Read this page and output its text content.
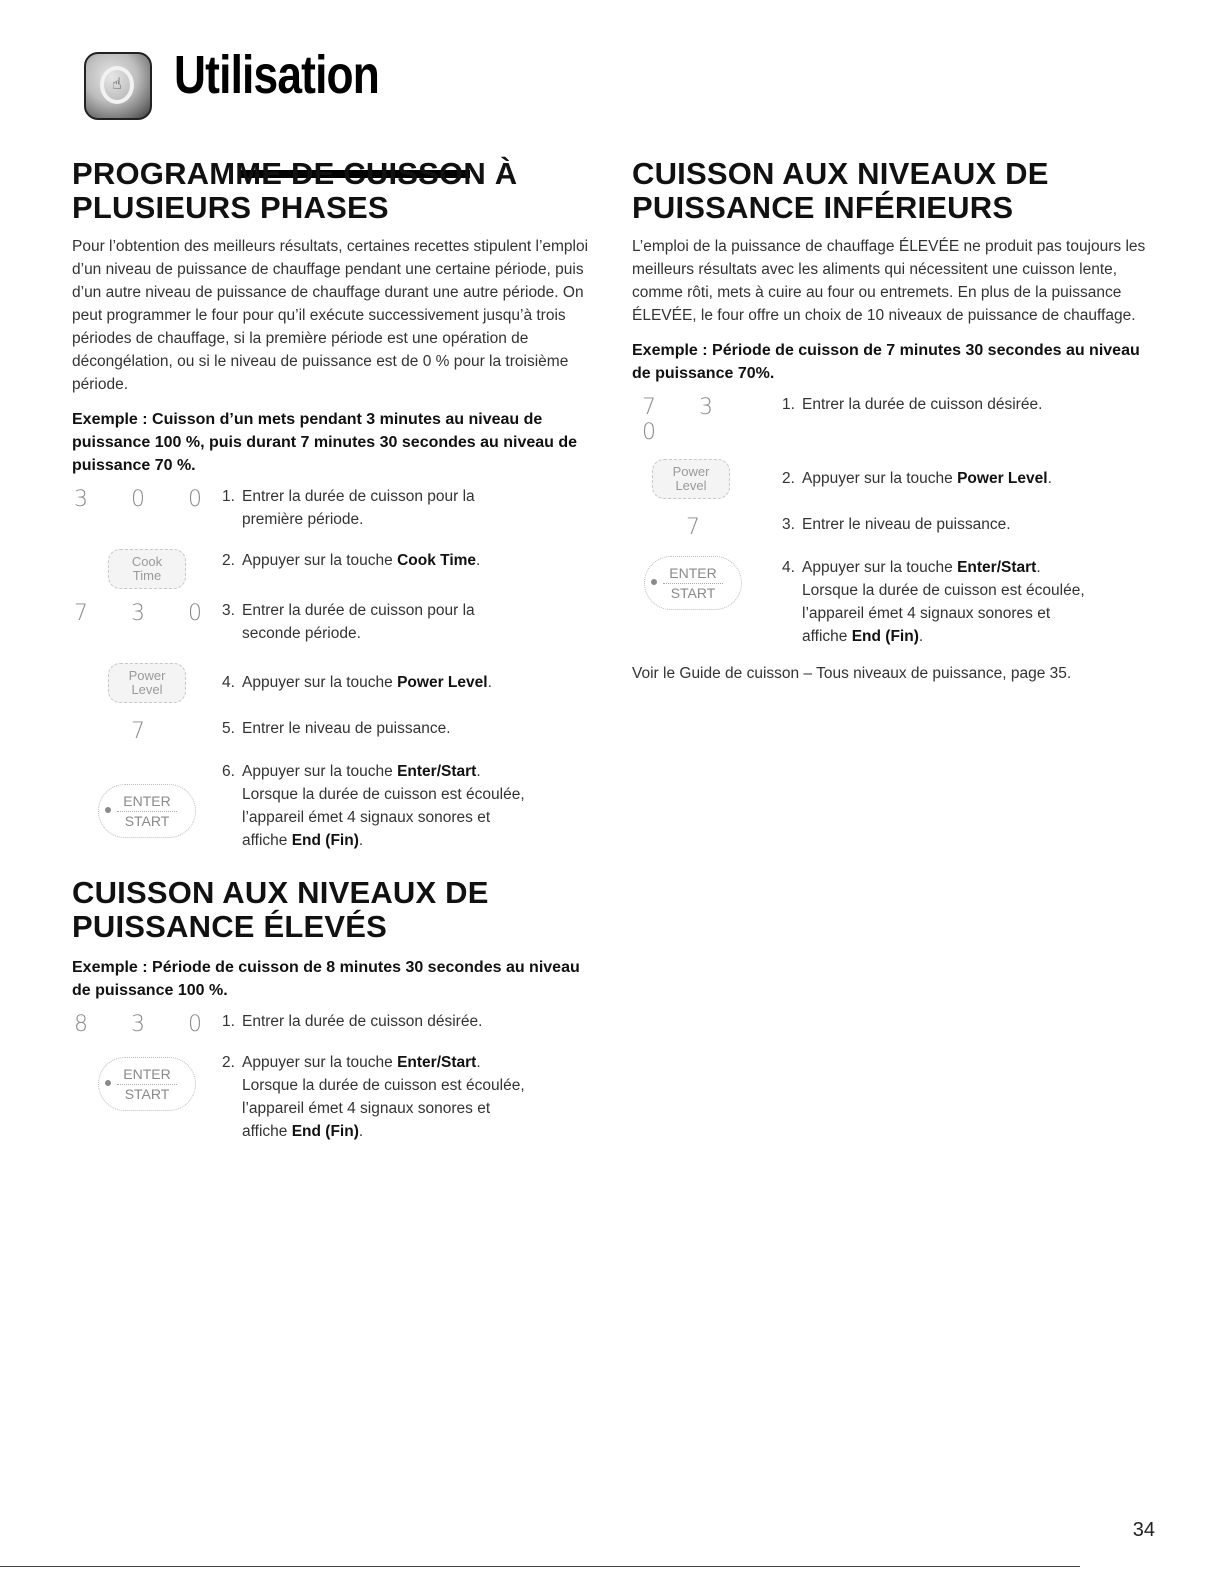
☝ Utilisation
PROGRAMME DE CUISSON À
PLUSIEURS PHASES

Pour l’obtention des meilleurs résultats, certaines recettes stipulent l’emploi d’un niveau de puissance de chauffage pendant une certaine période, puis d’un autre niveau de puissance de chauffage durant une autre période. On peut programmer le four pour qu’il exécute successivement jusqu’à trois périodes de chauffage, si la première période est une opération de décongélation, ou si le niveau de puissance est de 0 % pour la troisième période.

Exemple : Cuisson d’un mets pendant 3 minutes au niveau de puissance 100 %, puis durant 7 minutes 30 secondes au niveau de puissance 70 %.

3 0 0 1. Entrer la durée de cuisson pour la
première période.
Cook
Time
2. Appuyer sur la touche Cook Time.
7 3 0 3. Entrer la durée de cuisson pour la
seconde période.
Power
Level	4. Appuyer sur la touche Power Level.
7	5. Entrer le niveau de puissance.
ENTER
START
6. Appuyer sur la touche Enter/Start.
Lorsque la durée de cuisson est écoulée,
l’appareil émet 4 signaux sonores et
affiche End (Fin).
CUISSON AUX NIVEAUX DE
PUISSANCE ÉLEVÉS

Exemple : Période de cuisson de 8 minutes 30 secondes au niveau de puissance 100 %.

8 3 0 1. Entrer la durée de cuisson désirée.
ENTER
START
2. Appuyer sur la touche Enter/Start.
Lorsque la durée de cuisson est écoulée,
l’appareil émet 4 signaux sonores et
affiche End (Fin).
CUISSON AUX NIVEAUX DE
PUISSANCE INFÉRIEURS

L’emploi de la puissance de chauffage ÉLEVÉE ne produit pas toujours les meilleurs résultats avec les aliments qui nécessitent une cuisson lente, comme rôti, mets à cuire au four ou entremets. En plus de la puissance ÉLEVÉE, le four offre un choix de 10 niveaux de puissance de chauffage.

Exemple : Période de cuisson de 7 minutes 30 secondes au niveau de puissance 70%.

7 3 0
1. Entrer la durée de cuisson désirée.
Power
Level	2. Appuyer sur la touche Power Level.
7	3. Entrer le niveau de puissance.
ENTER
START
4. Appuyer sur la touche Enter/Start.
Lorsque la durée de cuisson est écoulée,
l’appareil émet 4 signaux sonores et
affiche End (Fin).

Voir le Guide de cuisson – Tous niveaux de puissance, page 35.

34
